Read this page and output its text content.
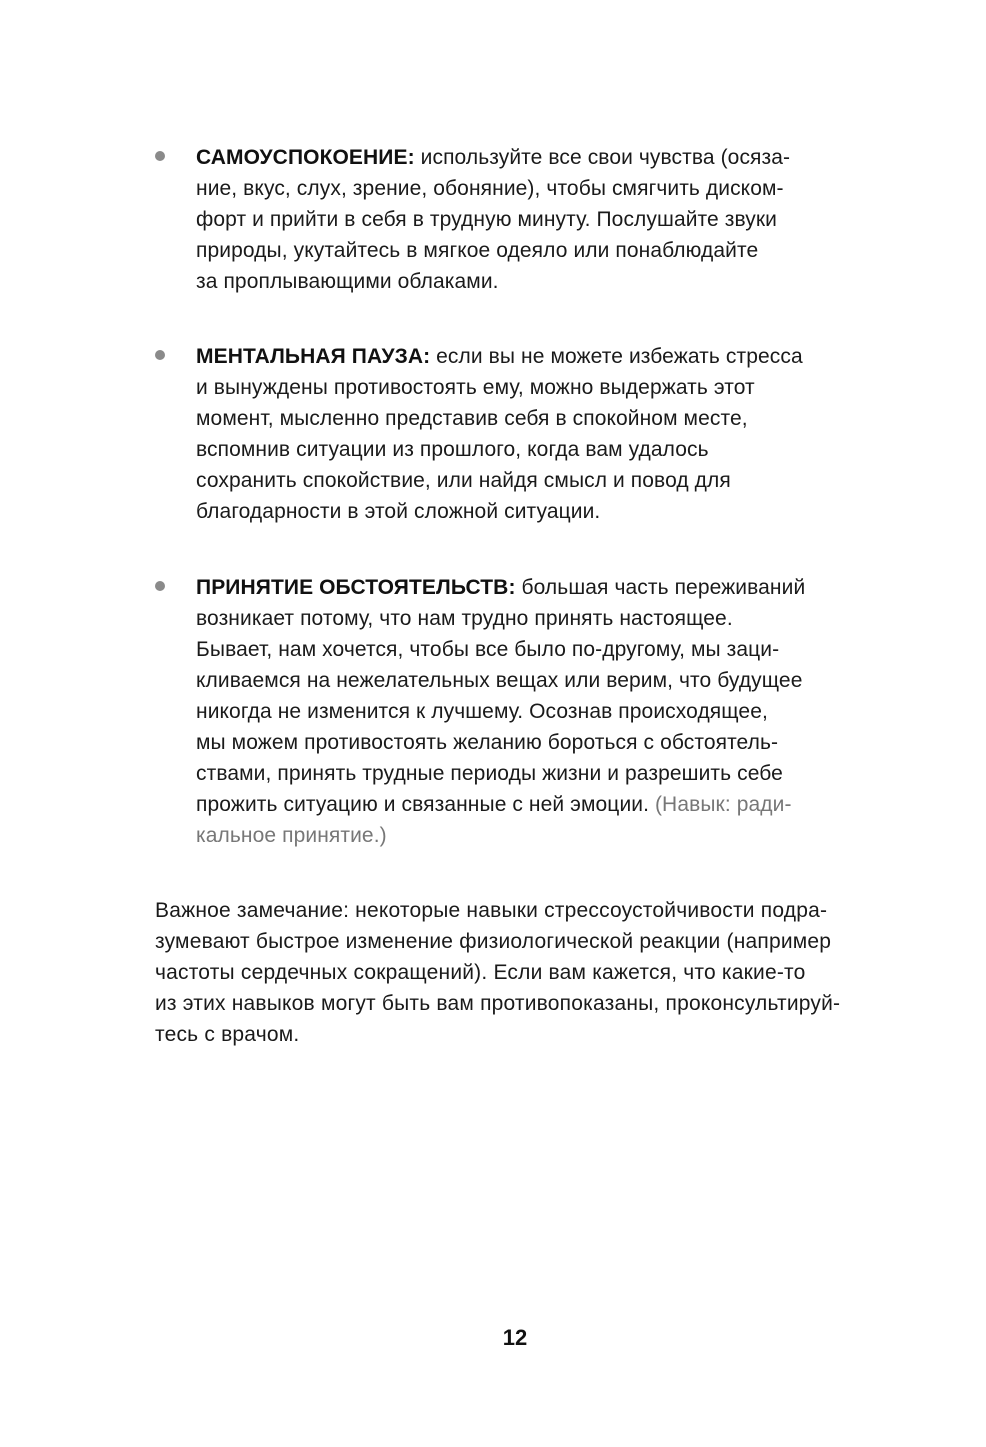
САМОУСПОКОЕНИЕ: используйте все свои чувства (осяза-
ние, вкус, слух, зрение, обоняние), чтобы смягчить диском-
форт и прийти в себя в трудную минуту. Послушайте звуки
природы, укутайтесь в мягкое одеяло или понаблюдайте
за проплывающими облаками.
МЕНТАЛЬНАЯ ПАУЗА: если вы не можете избежать стресса
и вынуждены противостоять ему, можно выдержать этот
момент, мысленно представив себя в спокойном месте,
вспомнив ситуации из прошлого, когда вам удалось
сохранить спокойствие, или найдя смысл и повод для
благодарности в этой сложной ситуации.
ПРИНЯТИЕ ОБСТОЯТЕЛЬСТВ: большая часть переживаний
возникает потому, что нам трудно принять настоящее.
Бывает, нам хочется, чтобы все было по-другому, мы заци-
кливаемся на нежелательных вещах или верим, что будущее
никогда не изменится к лучшему. Осознав происходящее,
мы можем противостоять желанию бороться с обстоятель-
ствами, принять трудные периоды жизни и разрешить себе
прожить ситуацию и связанные с ней эмоции. (Навык: ради-
кальное принятие.)
Важное замечание: некоторые навыки стрессоустойчивости подра-
зумевают быстрое изменение физиологической реакции (например
частоты сердечных сокращений). Если вам кажется, что какие-то
из этих навыков могут быть вам противопоказаны, проконсультируй-
тесь с врачом.
12
